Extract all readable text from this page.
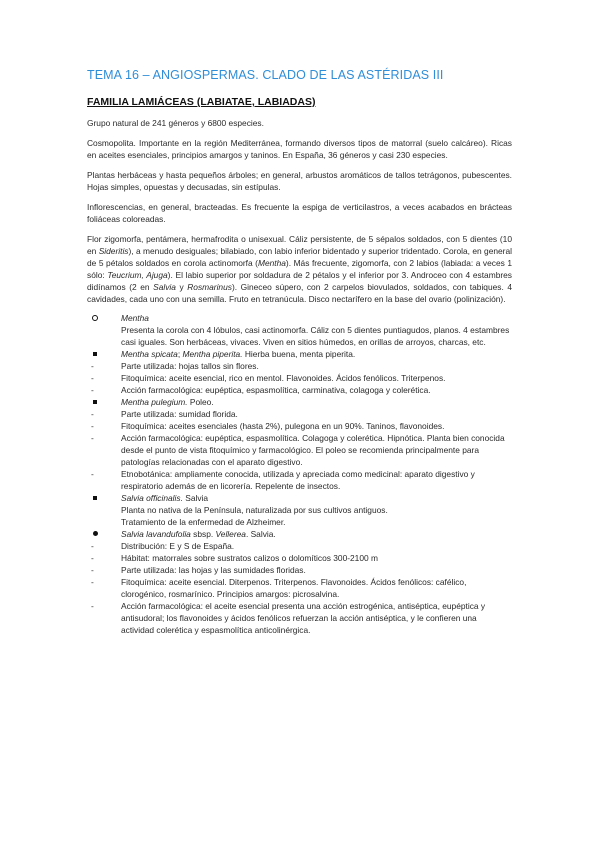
TEMA 16 – ANGIOSPERMAS. CLADO DE LAS ASTÉRIDAS III
FAMILIA LAMIÁCEAS (LABIATAE, LABIADAS)

Grupo natural de 241 géneros y 6800 especies.

Cosmopolita. Importante en la región Mediterránea, formando diversos tipos de matorral (suelo calcáreo). Ricas en aceites esenciales, principios amargos y taninos. En España, 36 géneros y casi 230 especies.

Plantas herbáceas y hasta pequeños árboles; en general, arbustos aromáticos de tallos tetrágonos, pubescentes. Hojas simples, opuestas y decusadas, sin estípulas.

Inflorescencias, en general, bracteadas. Es frecuente la espiga de verticilastros, a veces acabados en brácteas foliáceas coloreadas.

Flor zigomorfa, pentámera, hermafrodita o unisexual. Cáliz persistente, de 5 sépalos soldados, con 5 dientes (10 en Sideritis), a menudo desiguales; bilabiado, con labio inferior bidentado y superior tridentado. Corola, en general de 5 pétalos soldados en corola actinomorfa (Mentha). Más frecuente, zigomorfa, con 2 labios (labiada: a veces 1 sólo: Teucrium, Ajuga). El labio superior por soldadura de 2 pétalos y el inferior por 3. Androceo con 4 estambres didínamos (2 en Salvia y Rosmarinus). Gineceo súpero, con 2 carpelos biovulados, soldados, con tabiques. 4 cavidades, cada uno con una semilla. Fruto en tetranúcula. Disco nectarífero en la base del ovario (polinización).

Mentha
Presenta la corola con 4 lóbulos, casi actinomorfa. Cáliz con 5 dientes puntiagudos, planos. 4 estambres casi iguales. Son herbáceas, vivaces. Viven en sitios húmedos, en orillas de arroyos, charcas, etc.
Mentha spicata; Mentha piperita. Hierba buena, menta piperita.
-	Parte utilizada: hojas tallos sin flores.
-	Fitoquímica: aceite esencial, rico en mentol. Flavonoides. Ácidos fenólicos. Triterpenos.
-	Acción farmacológica: eupéptica, espasmolítica, carminativa, colagoga y colerética.
Mentha pulegium. Poleo.
-	Parte utilizada: sumidad florida.
-	Fitoquímica: aceites esenciales (hasta 2%), pulegona en un 90%. Taninos, flavonoides.
-	Acción farmacológica: eupéptica, espasmolítica. Colagoga y colerética. Hipnótica. Planta bien conocida desde el punto de vista fitoquímico y farmacológico. El poleo se recomienda principalmente para patologías relacionadas con el aparato digestivo.
-	Etnobotánica: ampliamente conocida, utilizada y apreciada como medicinal: aparato digestivo y respiratorio además de en licorería. Repelente de insectos.
Salvia officinalis. Salvia
Planta no nativa de la Península, naturalizada por sus cultivos antiguos.
Tratamiento de la enfermedad de Alzheimer.
Salvia lavandufolia sbsp. Vellerea. Salvia.
-	Distribución: E y S de España.
-	Hábitat: matorrales sobre sustratos calizos o dolomíticos 300-2100 m
-	Parte utilizada: las hojas y las sumidades floridas.
-	Fitoquímica: aceite esencial. Diterpenos. Triterpenos. Flavonoides. Ácidos fenólicos: cafélico, clorogénico, rosmarínico. Principios amargos: picrosalvina.
-	Acción farmacológica: el aceite esencial presenta una acción estrogénica, antiséptica, eupéptica y antisudoral; los flavonoides y ácidos fenólicos refuerzan la acción antiséptica, y le confieren una actividad colerética y espasmolítica anticolinérgica.
